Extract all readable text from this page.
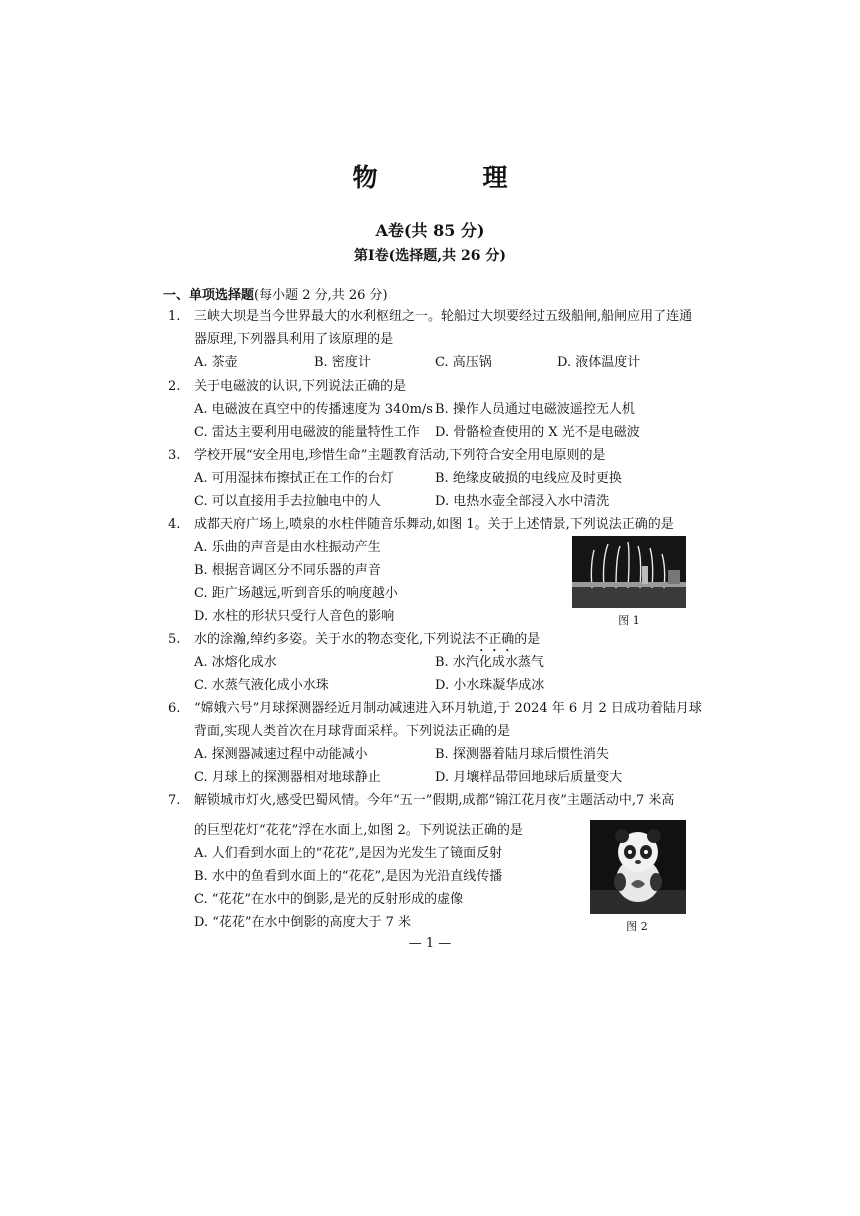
物　理
A卷(共 85 分)
第Ⅰ卷(选择题,共 26 分)
一、单项选择题(每小题 2 分,共 26 分)
1.	三峡大坝是当今世界最大的水利枢纽之一。轮船过大坝要经过五级船闸,船闸应用了连通
器原理,下列器具利用了该原理的是
A. 茶壶	B. 密度计	C. 高压锅	D. 液体温度计
2.	关于电磁波的认识,下列说法正确的是
A. 电磁波在真空中的传播速度为 340m/s B. 操作人员通过电磁波遥控无人机
C. 雷达主要利用电磁波的能量特性工作 D. 骨骼检查使用的 X 光不是电磁波
3.	学校开展“安全用电,珍惜生命”主题教育活动,下列符合安全用电原则的是
A. 可用湿抹布擦拭正在工作的台灯	B. 绝缘皮破损的电线应及时更换
C. 可以直接用手去拉触电中的人	D. 电热水壶全部浸入水中清洗
4.	成都天府广场上,喷泉的水柱伴随音乐舞动,如图 1。关于上述情景,下列说法正确的是
A. 乐曲的声音是由水柱振动产生
B. 根据音调区分不同乐器的声音
C. 距广场越远,听到音乐的响度越小
D. 水柱的形状只受行人音色的影响	图 1
5.	水的涂瀚,绰约多姿。关于水的物态变化,下列说法不正确的是
A. 冰熔化成水	B. 水汽化成水蒸气
C. 水蒸气液化成小水珠	D. 小水珠凝华成冰
6.	“嫦娥六号”月球探测器经近月制动减速进入环月轨道,于 2024 年 6 月 2 日成功着陆月球
背面,实现人类首次在月球背面采样。下列说法正确的是
A. 探测器减速过程中动能减小	B. 探测器着陆月球后惯性消失
C. 月球上的探测器相对地球静止	D. 月壤样品带回地球后质量变大
7.	解锁城市灯火,感受巴蜀风情。今年“五一”假期,成都“锦江花月夜”主题活动中,7 米高
的巨型花灯“花花”浮在水面上,如图 2。下列说法正确的是
A. 人们看到水面上的“花花”,是因为光发生了镜面反射
B. 水中的鱼看到水面上的“花花”,是因为光沿直线传播
C. “花花”在水中的倒影,是光的反射形成的虚像
D. “花花”在水中倒影的高度大于 7 米	图 2
— 1 —
